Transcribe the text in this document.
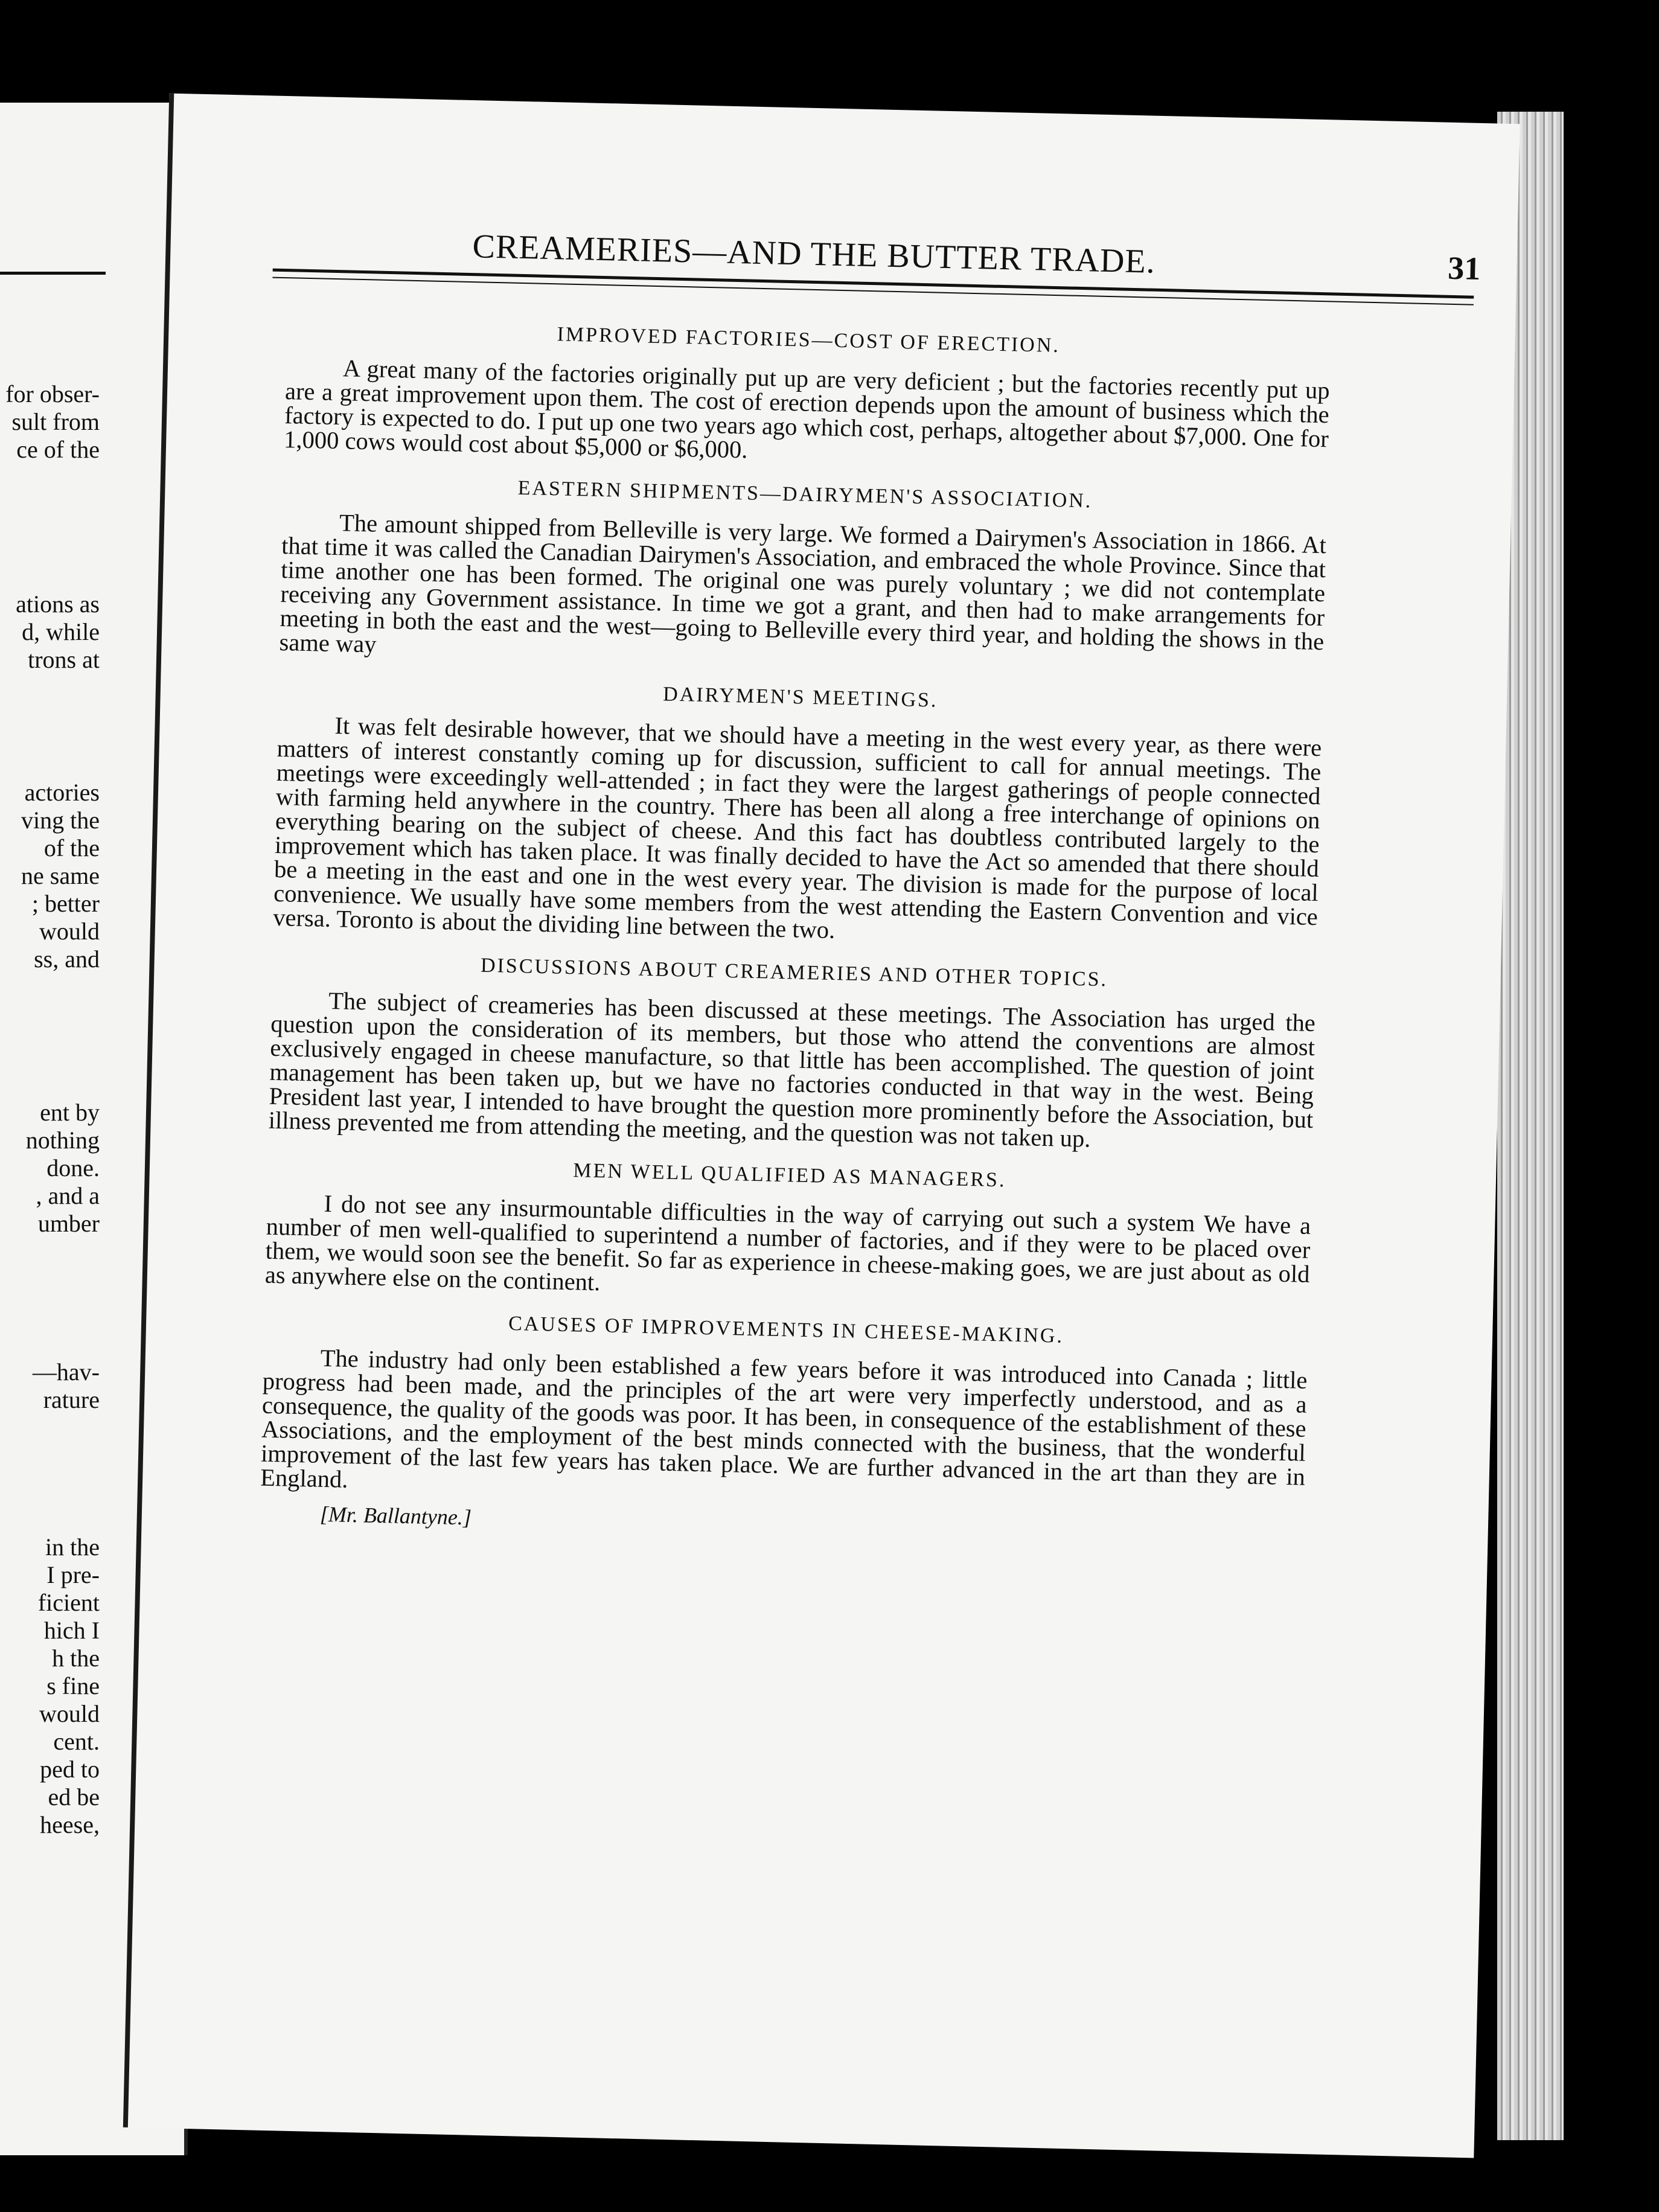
for obser-
sult from
ce of the
ations as
d, while
trons at
actories
ving the
of the
ne same
; better
would
ss, and
ent by
nothing
done.
, and a
umber
—hav-
rature
in the
I pre-
ficient
hich I
h the
s fine
would
cent.
ped to
ed be
heese,
CREAMERIES—AND THE BUTTER TRADE.	31
IMPROVED FACTORIES—COST OF ERECTION.

A great many of the factories originally put up are very deficient ; but the factories recently put up are a great improvement upon them. The cost of erection depends upon the amount of business which the factory is expected to do. I put up one two years ago which cost, perhaps, altogether about $7,000. One for 1,000 cows would cost about $5,000 or $6,000.

EASTERN SHIPMENTS—DAIRYMEN'S ASSOCIATION.

The amount shipped from Belleville is very large. We formed a Dairymen's Association in 1866. At that time it was called the Canadian Dairymen's Association, and embraced the whole Province. Since that time another one has been formed. The original one was purely voluntary ; we did not contemplate receiving any Government assistance. In time we got a grant, and then had to make arrangements for meeting in both the east and the west—going to Belleville every third year, and holding the shows in the same way

DAIRYMEN'S MEETINGS.

It was felt desirable however, that we should have a meeting in the west every year, as there were matters of interest constantly coming up for discussion, sufficient to call for annual meetings. The meetings were exceedingly well-attended ; in fact they were the largest gatherings of people connected with farming held anywhere in the country. There has been all along a free interchange of opinions on everything bearing on the subject of cheese. And this fact has doubtless contributed largely to the improvement which has taken place. It was finally decided to have the Act so amended that there should be a meeting in the east and one in the west every year. The division is made for the purpose of local convenience. We usually have some members from the west attending the Eastern Convention and vice versa. Toronto is about the dividing line between the two.

DISCUSSIONS ABOUT CREAMERIES AND OTHER TOPICS.

The subject of creameries has been discussed at these meetings. The Association has urged the question upon the consideration of its members, but those who attend the conventions are almost exclusively engaged in cheese manufacture, so that little has been accomplished. The question of joint management has been taken up, but we have no factories conducted in that way in the west. Being President last year, I intended to have brought the question more prominently before the Association, but illness prevented me from attending the meeting, and the question was not taken up.

MEN WELL QUALIFIED AS MANAGERS.

I do not see any insurmountable difficulties in the way of carrying out such a system We have a number of men well-qualified to superintend a number of factories, and if they were to be placed over them, we would soon see the benefit. So far as experience in cheese-making goes, we are just about as old as anywhere else on the continent.

CAUSES OF IMPROVEMENTS IN CHEESE-MAKING.

The industry had only been established a few years before it was introduced into Canada ; little progress had been made, and the principles of the art were very imperfectly understood, and as a consequence, the quality of the goods was poor. It has been, in consequence of the establishment of these Associations, and the employment of the best minds connected with the business, that the wonderful improvement of the last few years has taken place. We are further advanced in the art than they are in England.

[Mr. Ballantyne.]
